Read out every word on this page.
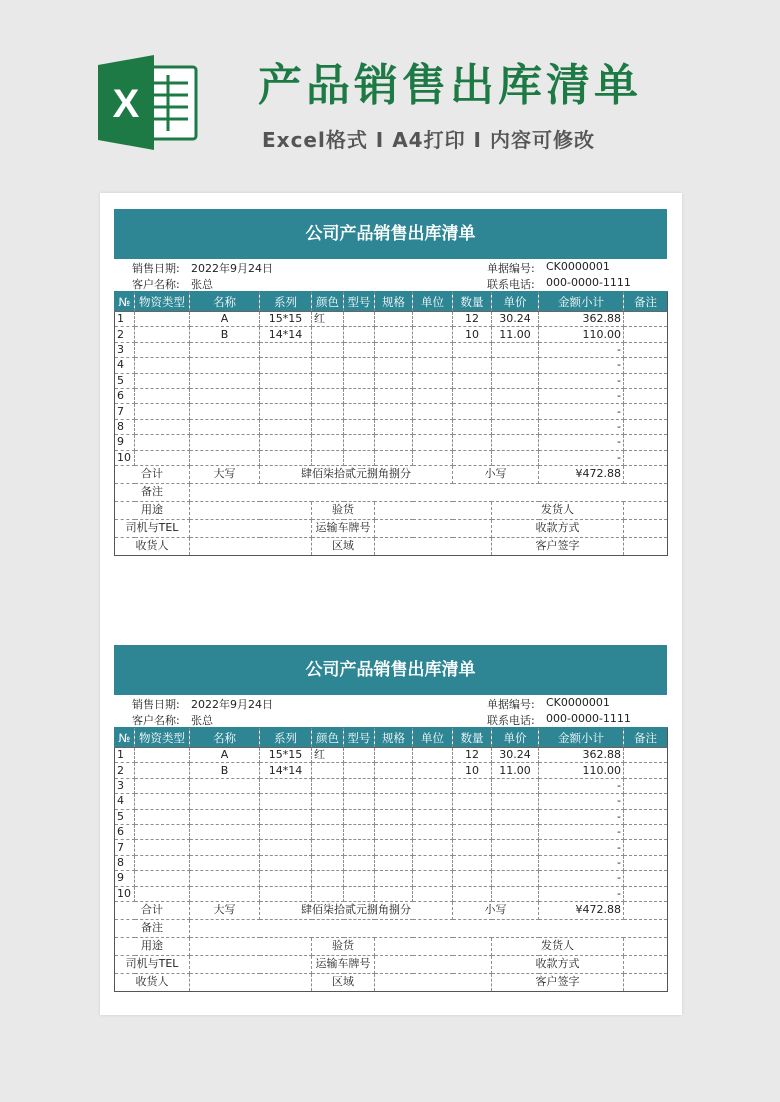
X	产品销售出库清单
Excel格式 I A4打印 I 内容可修改
公司产品销售出库清单
销售日期: 2022年9月24日	单据编号: CK0000001
客户名称: 张总	联系电话: 000-0000-1111
№	物资类型	名称	系列	颜色	型号	规格	单位	数量	单价	金额小计	备注
1		A	15*15	红				12	30.24	362.88	
2		B	14*14					10	11.00	110.00	
3										-	
4										-	
5										-	
6										-	
7										-	
8										-	
9										-	
10										-	
合计		大写	肆佰柒拾贰元捌角捌分					小写		¥472.88	
备注											
用途				验货					发货人		
司机与TEL				运输车牌号					收款方式		
收货人				区域					客户签字		
公司产品销售出库清单
销售日期: 2022年9月24日	单据编号: CK0000001
客户名称: 张总	联系电话: 000-0000-1111
№	物资类型	名称	系列	颜色	型号	规格	单位	数量	单价	金额小计	备注
1		A	15*15	红				12	30.24	362.88	
2		B	14*14					10	11.00	110.00	
3										-	
4										-	
5										-	
6										-	
7										-	
8										-	
9										-	
10										-	
合计		大写	肆佰柒拾贰元捌角捌分					小写		¥472.88	
备注											
用途				验货					发货人		
司机与TEL				运输车牌号					收款方式		
收货人				区域					客户签字		
